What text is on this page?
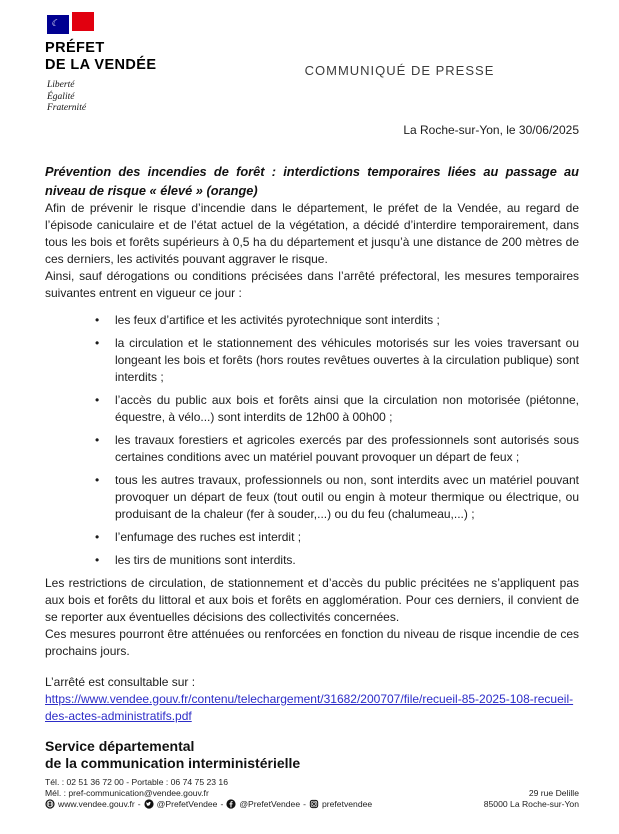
☾
PRÉFET
DE LA VENDÉE
Liberté
Égalité
Fraternité
COMMUNIQUÉ DE PRESSE
La Roche-sur-Yon, le 30/06/2025
Prévention des incendies de forêt : interdictions temporaires liées au passage au niveau de risque « élevé » (orange)

Afin de prévenir le risque d’incendie dans le département, le préfet de la Vendée, au regard de l’épisode caniculaire et de l’état actuel de la végétation, a décidé d’interdire temporairement, dans tous les bois et forêts supérieurs à 0,5 ha du département et jusqu’à une distance de 200 mètres de ces derniers, les activités pouvant aggraver le risque.

Ainsi, sauf dérogations ou conditions précisées dans l’arrêté préfectoral, les mesures temporaires suivantes entrent en vigueur ce jour :

• les feux d’artifice et les activités pyrotechnique sont interdits ;
• la circulation et le stationnement des véhicules motorisés sur les voies traversant ou longeant les bois et forêts (hors routes revêtues ouvertes à la circulation publique) sont interdits ;
• l’accès du public aux bois et forêts ainsi que la circulation non motorisée (piétonne, équestre, à vélo...) sont interdits de 12h00 à 00h00 ;
• les travaux forestiers et agricoles exercés par des professionnels sont autorisés sous certaines conditions avec un matériel pouvant provoquer un départ de feux ;
• tous les autres travaux, professionnels ou non, sont interdits avec un matériel pouvant provoquer un départ de feux (tout outil ou engin à moteur thermique ou électrique, ou produisant de la chaleur (fer à souder,...) ou du feu (chalumeau,...) ;
• l’enfumage des ruches est interdit ;
• les tirs de munitions sont interdits.

Les restrictions de circulation, de stationnement et d’accès du public précitées ne s’appliquent pas aux bois et forêts du littoral et aux bois et forêts en agglomération. Pour ces derniers, il convient de se reporter aux éventuelles décisions des collectivités concernées.

Ces mesures pourront être atténuées ou renforcées en fonction du niveau de risque incendie de ces prochains jours.

L’arrêté est consultable sur :
https://www.vendee.gouv.fr/contenu/telechargement/31682/200707/file/recueil-85-2025-108-recueil-des-actes-administratifs.pdf
Service départemental
de la communication interministérielle
Tél. : 02 51 36 72 00 - Portable : 06 74 75 23 16
Mél. : pref-communication@vendee.gouv.fr
www.vendee.gouv.fr - @PrefetVendee - @PrefetVendee - prefetvendee
29 rue Delille
85000 La Roche-sur-Yon
